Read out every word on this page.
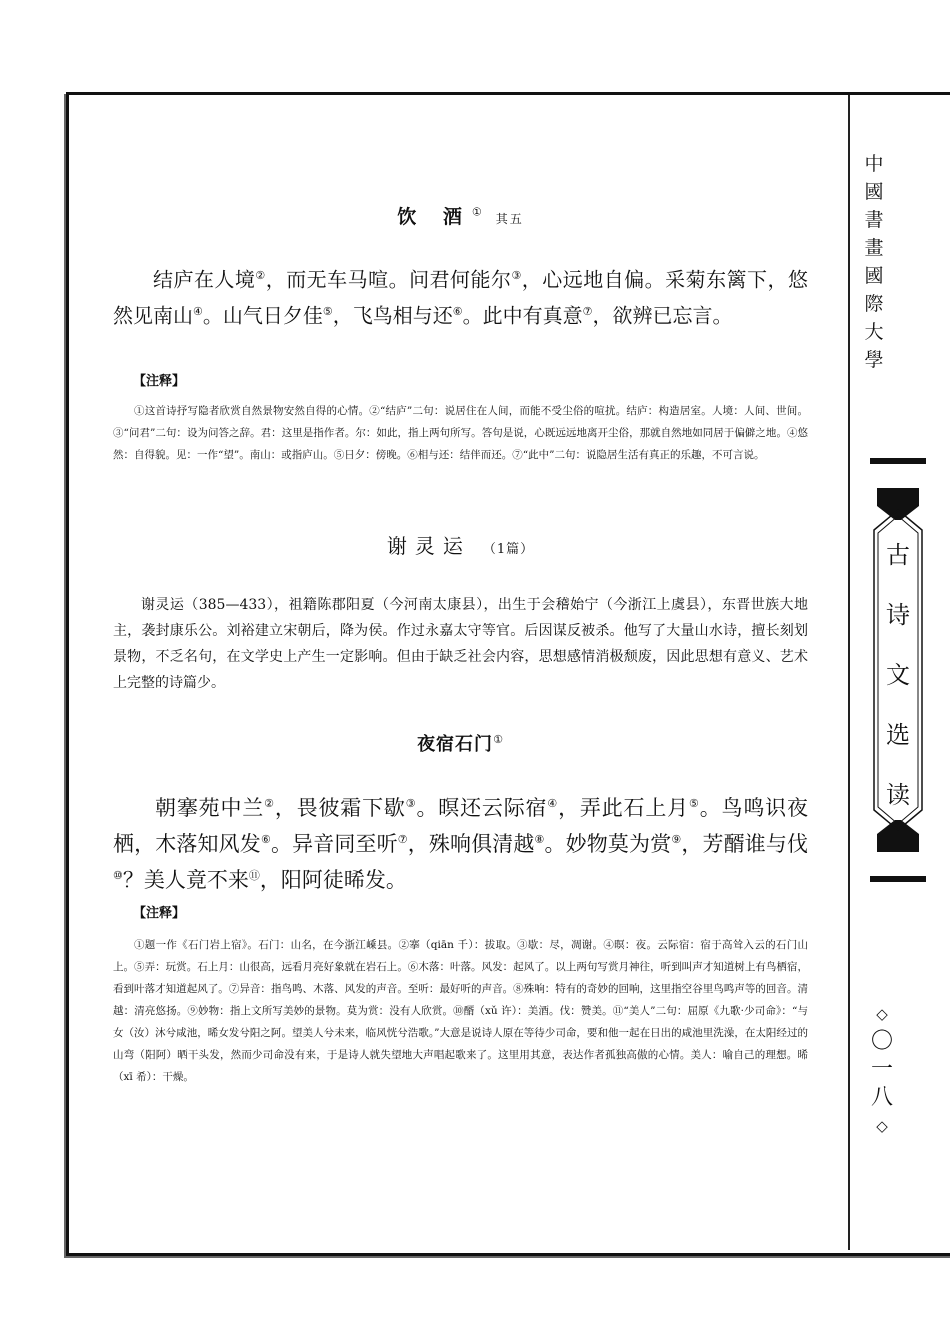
饮 酒① 其五
结庐在人境②，而无车马喧。问君何能尔③，心远地自偏。采菊东篱下，悠然见南山④。山气日夕佳⑤，飞鸟相与还⑥。此中有真意⑦，欲辨已忘言。
【注释】
①这首诗抒写隐者欣赏自然景物安然自得的心情。②“结庐”二句：说居住在人间，而能不受尘俗的喧扰。结庐：构造居室。人境：人间、世间。③“问君”二句：设为问答之辞。君：这里是指作者。尔：如此，指上两句所写。答句是说，心既远远地离开尘俗，那就自然地如同居于偏僻之地。④悠然：自得貌。见：一作“望”。南山：或指庐山。⑤日夕：傍晚。⑥相与还：结伴而还。⑦“此中”二句：说隐居生活有真正的乐趣，不可言说。
谢灵运 （1篇）
谢灵运（385—433），祖籍陈郡阳夏（今河南太康县），出生于会稽始宁（今浙江上虞县），东晋世族大地主，袭封康乐公。刘裕建立宋朝后，降为侯。作过永嘉太守等官。后因谋反被杀。他写了大量山水诗，擅长刻划景物，不乏名句，在文学史上产生一定影响。但由于缺乏社会内容，思想感情消极颓废，因此思想有意义、艺术上完整的诗篇少。
夜宿石门①
朝搴苑中兰②，畏彼霜下歇③。暝还云际宿④，弄此石上月⑤。鸟鸣识夜栖，木落知风发⑥。异音同至听⑦，殊响俱清越⑧。妙物莫为赏⑨，芳醑谁与伐⑩？美人竟不来⑪，阳阿徒晞发。
【注释】
①题一作《石门岩上宿》。石门：山名，在今浙江嵊县。②搴（qiān 千）：拔取。③歇：尽，凋谢。④暝：夜。云际宿：宿于高耸入云的石门山上。⑤弄：玩赏。石上月：山很高，远看月亮好象就在岩石上。⑥木落：叶落。风发：起风了。以上两句写赏月神往，听到叫声才知道树上有鸟栖宿，看到叶落才知道起风了。⑦异音：指鸟鸣、木落、风发的声音。至听：最好听的声音。⑧殊响：特有的奇妙的回响，这里指空谷里鸟鸣声等的回音。清越：清亮悠扬。⑨妙物：指上文所写美妙的景物。莫为赏：没有人欣赏。⑩醑（xǔ 许）：美酒。伐：赞美。⑪“美人”二句：屈原《九歌·少司命》：“与女（汝）沐兮咸池，晞女发兮阳之阿。望美人兮未来，临风恍兮浩歌。”大意是说诗人原在等待少司命，要和他一起在日出的咸池里洗澡，在太阳经过的山弯（阳阿）晒干头发，然而少司命没有来，于是诗人就失望地大声唱起歌来了。这里用其意，表达作者孤独高傲的心情。美人：喻自己的理想。晞（xī 希）：干燥。
中
國
書
畫
國
際
大
學
古
诗
文
选
读
◇
〇
一
八
◇
